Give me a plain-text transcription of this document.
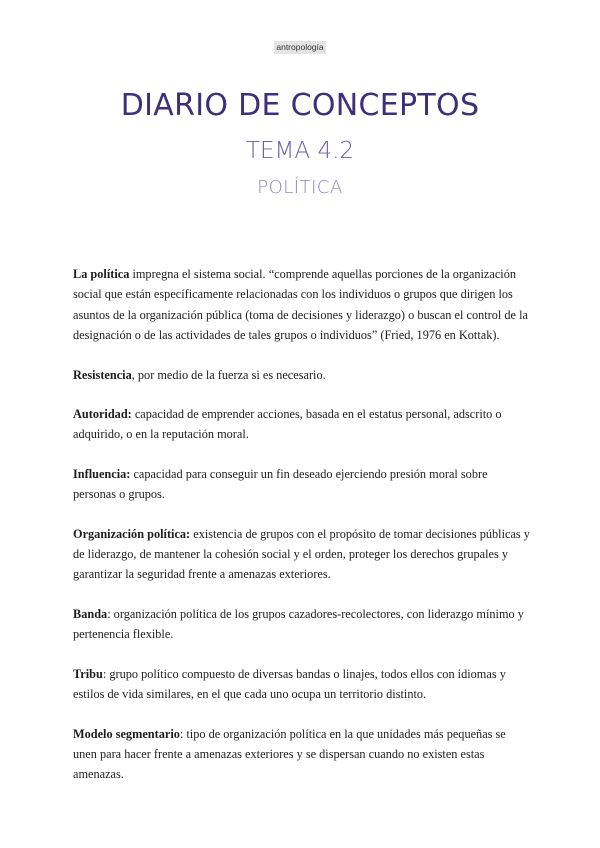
antropología
DIARIO DE CONCEPTOS
TEMA 4.2
POLÍTICA

La política impregna el sistema social. “comprende aquellas porciones de la organización social que están específicamente relacionadas con los individuos o grupos que dirigen los asuntos de la organización pública (toma de decisiones y liderazgo) o buscan el control de la designación o de las actividades de tales grupos o individuos” (Fried, 1976 en Kottak).

Resistencia, por medio de la fuerza si es necesario.

Autoridad: capacidad de emprender acciones, basada en el estatus personal, adscrito o adquirido, o en la reputación moral.

Influencia: capacidad para conseguir un fin deseado ejerciendo presión moral sobre personas o grupos.

Organización política: existencia de grupos con el propósito de tomar decisiones públicas y de liderazgo, de mantener la cohesión social y el orden, proteger los derechos grupales y garantizar la seguridad frente a amenazas exteriores.

Banda: organización política de los grupos cazadores-recolectores, con liderazgo mínimo y pertenencia flexible.

Tribu: grupo político compuesto de diversas bandas o linajes, todos ellos con idiomas y estilos de vida similares, en el que cada uno ocupa un territorio distinto.

Modelo segmentario: tipo de organización política en la que unidades más pequeñas se unen para hacer frente a amenazas exteriores y se dispersan cuando no existen estas amenazas.
